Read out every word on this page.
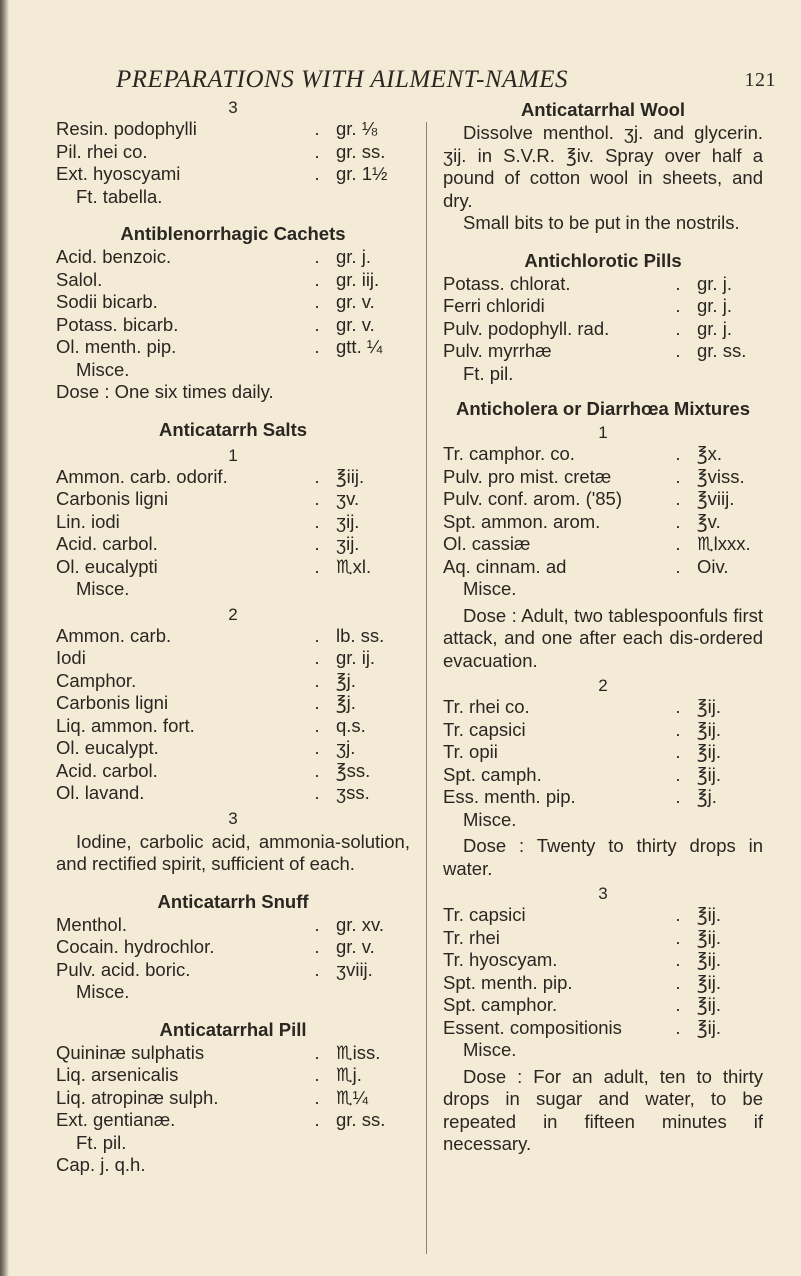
PREPARATIONS WITH AILMENT-NAMES	121
3
Resin. podophylli	. gr. ⅛
Pil. rhei co.	. gr. ss.
Ext. hyoscyami	. gr. 1½
Ft. tabella.
Antiblenorrhagic Cachets
Acid. benzoic.	. gr. j.
Salol.	. gr. iij.
Sodii bicarb.	. gr. v.
Potass. bicarb.	. gr. v.
Ol. menth. pip.	. gtt. ¼
Misce.
Dose : One six times daily.
Anticatarrh Salts
1
Ammon. carb. odorif.	. ℥iij.
Carbonis ligni	. ʒv.
Lin. iodi	. ʒij.
Acid. carbol.	. ʒij.
Ol. eucalypti	. ♏xl.
Misce.
2
Ammon. carb.	. lb. ss.
Iodi	. gr. ij.
Camphor.	. ℥j.
Carbonis ligni	. ℥j.
Liq. ammon. fort.	. q.s.
Ol. eucalypt.	. ʒj.
Acid. carbol.	. ℥ss.
Ol. lavand.	. ʒss.
3
Iodine, carbolic acid, ammonia-solution, and rectified spirit, sufficient of each.
Anticatarrh Snuff
Menthol.	. gr. xv.
Cocain. hydrochlor.	. gr. v.
Pulv. acid. boric.	. ʒviij.
Misce.
Anticatarrhal Pill
Quininæ sulphatis	. ♏iss.
Liq. arsenicalis	. ♏j.
Liq. atropinæ sulph.	. ♏¼
Ext. gentianæ.	. gr. ss.
Ft. pil.
Cap. j. q.h.
Anticatarrhal Wool
Dissolve menthol. ʒj. and glycerin. ʒij. in S.V.R. ℥iv. Spray over half a pound of cotton wool in sheets, and dry.
Small bits to be put in the nostrils.
Antichlorotic Pills
Potass. chlorat.	. gr. j.
Ferri chloridi	. gr. j.
Pulv. podophyll. rad.	. gr. j.
Pulv. myrrhæ	. gr. ss.
Ft. pil.
Anticholera or Diarrhœa Mixtures
1
Tr. camphor. co.	. ℥x.
Pulv. pro mist. cretæ	. ℥viss.
Pulv. conf. arom. ('85)	. ℥viij.
Spt. ammon. arom.	. ℥v.
Ol. cassiæ	. ♏lxxx.
Aq. cinnam. ad	. Oiv.
Misce.
Dose : Adult, two tablespoonfuls first attack, and one after each dis-ordered evacuation.
2
Tr. rhei co.	. ℥ij.
Tr. capsici	. ℥ij.
Tr. opii	. ℥ij.
Spt. camph.	. ℥ij.
Ess. menth. pip.	. ℥j.
Misce.
Dose : Twenty to thirty drops in water.
3
Tr. capsici	. ℥ij.
Tr. rhei	. ℥ij.
Tr. hyoscyam.	. ℥ij.
Spt. menth. pip.	. ℥ij.
Spt. camphor.	. ℥ij.
Essent. compositionis	. ℥ij.
Misce.
Dose : For an adult, ten to thirty drops in sugar and water, to be repeated in fifteen minutes if necessary.
